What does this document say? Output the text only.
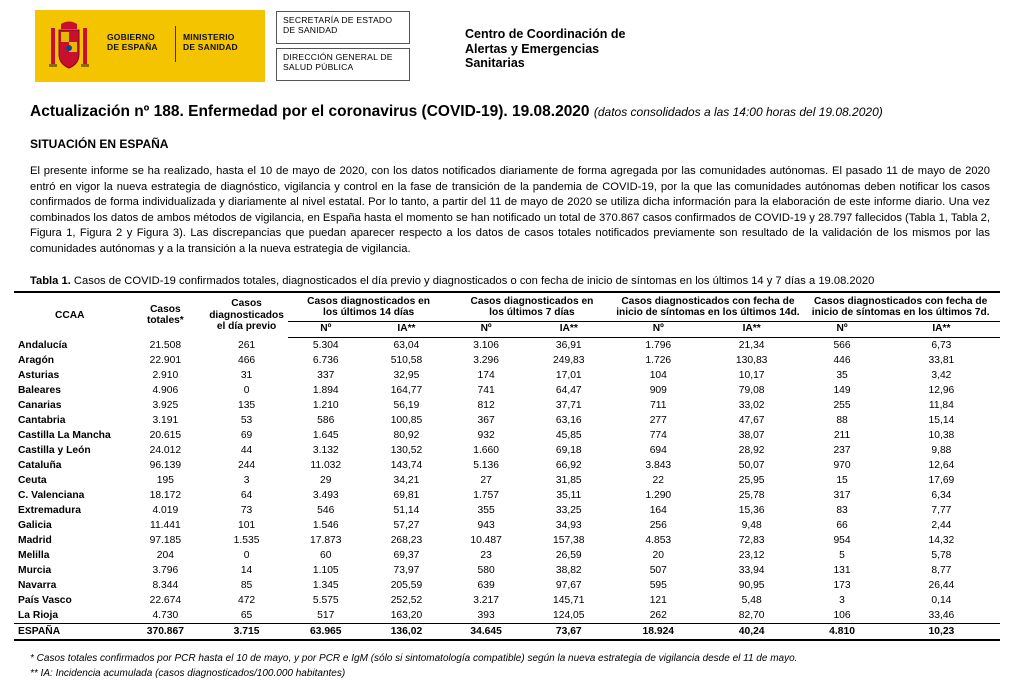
GOBIERNO
DE ESPAÑA
MINISTERIO
DE SANIDAD
SECRETARÍA DE ESTADO
DE SANIDAD
DIRECCIÓN GENERAL DE
SALUD PÚBLICA
Centro de Coordinación de
Alertas y Emergencias
Sanitarias
Actualización nº 188. Enfermedad por el coronavirus (COVID-19). 19.08.2020 (datos consolidados a las 14:00 horas del 19.08.2020)
SITUACIÓN EN ESPAÑA
El presente informe se ha realizado, hasta el 10 de mayo de 2020, con los datos notificados diariamente de forma agregada por las comunidades autónomas. El pasado 11 de mayo de 2020 entró en vigor la nueva estrategia de diagnóstico, vigilancia y control en la fase de transición de la pandemia de COVID-19, por la que las comunidades autónomas deben notificar los casos confirmados de forma individualizada y diariamente al nivel estatal. Por lo tanto, a partir del 11 de mayo de 2020 se utiliza dicha información para la elaboración de este informe diario. Una vez combinados los datos de ambos métodos de vigilancia, en España hasta el momento se han notificado un total de 370.867 casos confirmados de COVID-19 y 28.797 fallecidos (Tabla 1, Tabla 2, Figura 1, Figura 2 y Figura 3). Las discrepancias que puedan aparecer respecto a los datos de casos totales notificados previamente son resultado de la validación de los mismos por las comunidades autónomas y a la transición a la nueva estrategia de vigilancia.
Tabla 1. Casos de COVID-19 confirmados totales, diagnosticados el día previo y diagnosticados o con fecha de inicio de síntomas en los últimos 14 y 7 días a 19.08.2020
CCAA	Casos totales*	Casos diagnosticados el día previo	Casos diagnosticados en los últimos 14 días		Casos diagnosticados en los últimos 7 días		Casos diagnosticados con fecha de inicio de síntomas en los últimos 14d.		Casos diagnosticados con fecha de inicio de síntomas en los últimos 7d.	
			Nº	IA**	Nº	IA**	Nº	IA**	Nº	IA**
Andalucía	21.508	261	5.304	63,04	3.106	36,91	1.796	21,34	566	6,73
Aragón	22.901	466	6.736	510,58	3.296	249,83	1.726	130,83	446	33,81
Asturias	2.910	31	337	32,95	174	17,01	104	10,17	35	3,42
Baleares	4.906	0	1.894	164,77	741	64,47	909	79,08	149	12,96
Canarias	3.925	135	1.210	56,19	812	37,71	711	33,02	255	11,84
Cantabria	3.191	53	586	100,85	367	63,16	277	47,67	88	15,14
Castilla La Mancha	20.615	69	1.645	80,92	932	45,85	774	38,07	211	10,38
Castilla y León	24.012	44	3.132	130,52	1.660	69,18	694	28,92	237	9,88
Cataluña	96.139	244	11.032	143,74	5.136	66,92	3.843	50,07	970	12,64
Ceuta	195	3	29	34,21	27	31,85	22	25,95	15	17,69
C. Valenciana	18.172	64	3.493	69,81	1.757	35,11	1.290	25,78	317	6,34
Extremadura	4.019	73	546	51,14	355	33,25	164	15,36	83	7,77
Galicia	11.441	101	1.546	57,27	943	34,93	256	9,48	66	2,44
Madrid	97.185	1.535	17.873	268,23	10.487	157,38	4.853	72,83	954	14,32
Melilla	204	0	60	69,37	23	26,59	20	23,12	5	5,78
Murcia	3.796	14	1.105	73,97	580	38,82	507	33,94	131	8,77
Navarra	8.344	85	1.345	205,59	639	97,67	595	90,95	173	26,44
País Vasco	22.674	472	5.575	252,52	3.217	145,71	121	5,48	3	0,14
La Rioja	4.730	65	517	163,20	393	124,05	262	82,70	106	33,46
ESPAÑA	370.867	3.715	63.965	136,02	34.645	73,67	18.924	40,24	4.810	10,23
* Casos totales confirmados por PCR hasta el 10 de mayo, y por PCR e IgM (sólo si sintomatología compatible) según la nueva estrategia de vigilancia desde el 11 de mayo.
** IA: Incidencia acumulada (casos diagnosticados/100.000 habitantes)
